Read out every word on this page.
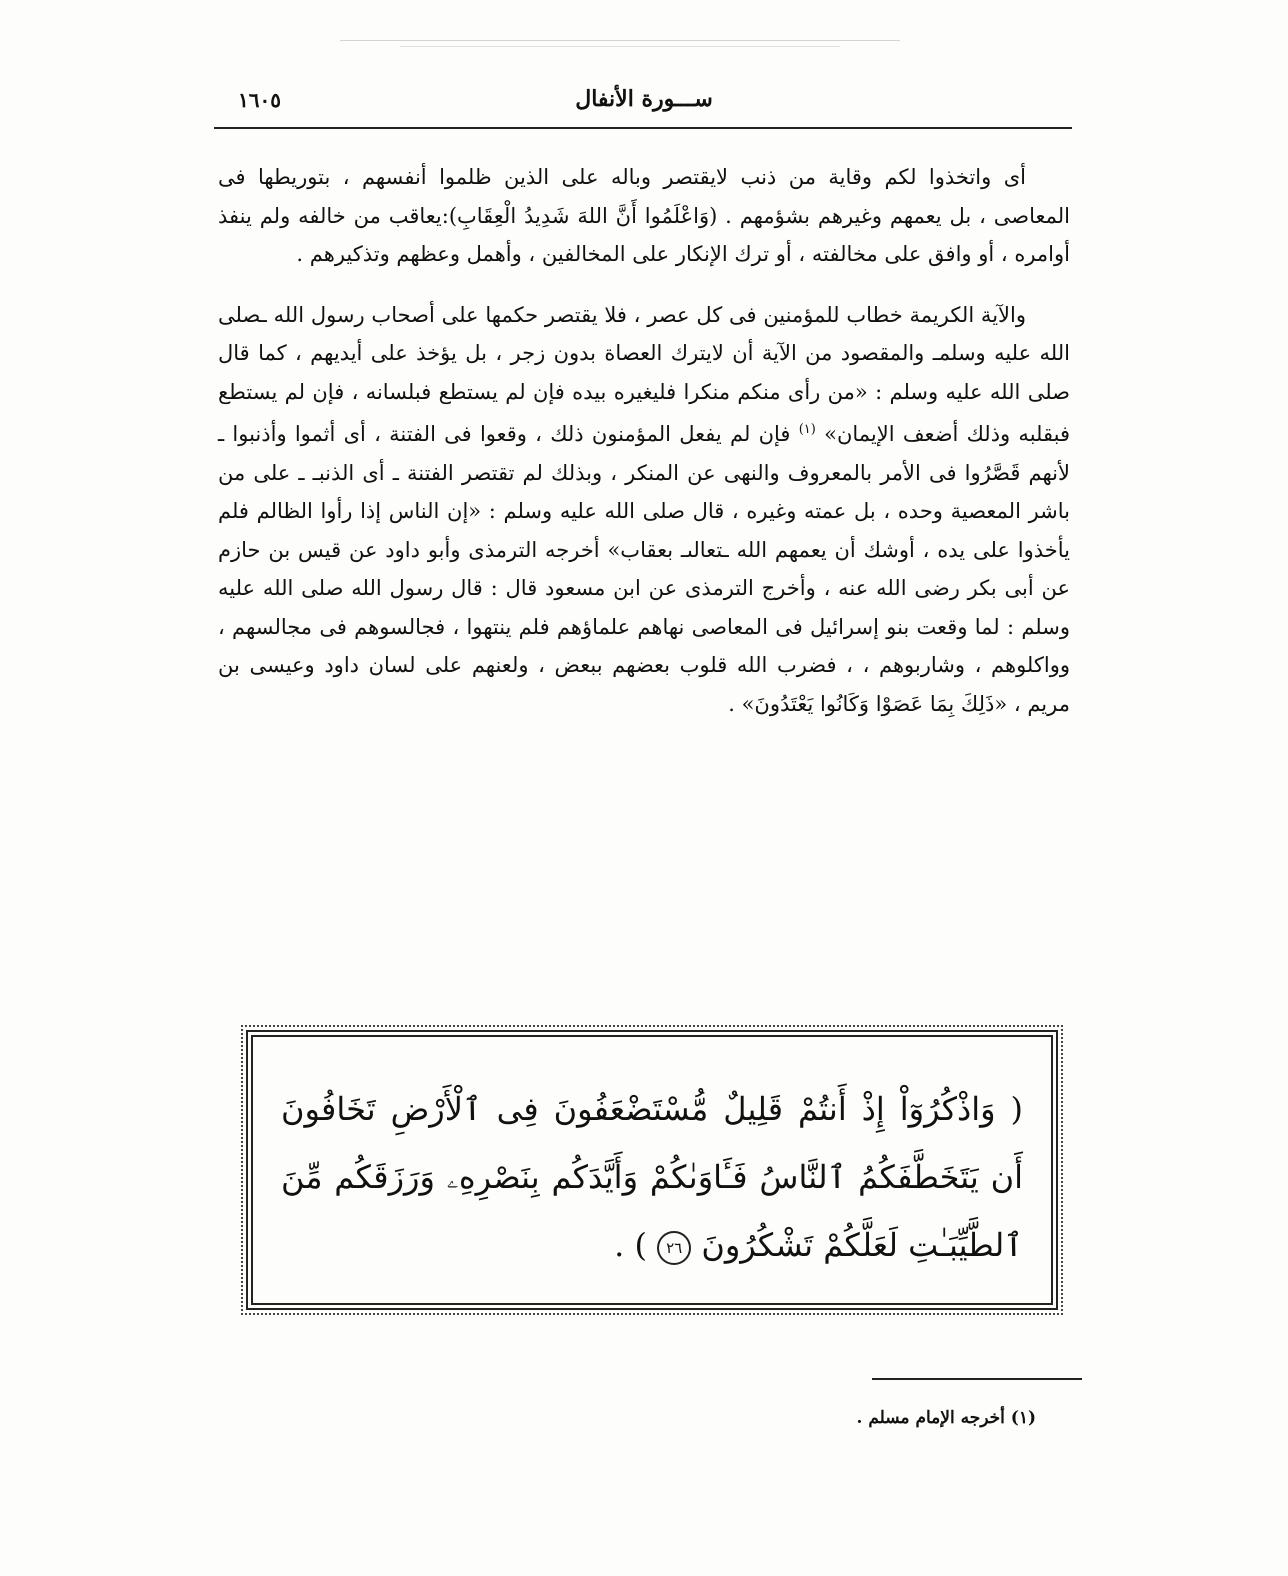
ســـورة الأنفال
١٦٠٥

أى واتخذوا لكم وقاية من ذنب لايقتصر وباله على الذين ظلموا أنفسهم ، بتوريطها فى المعاصى ، بل يعمهم وغيرهم بشؤمهم . (وَاعْلَمُوا أَنَّ اللهَ شَدِيدُ الْعِقَابِ):يعاقب من خالفه ولم ينفذ أوامره ، أو وافق على مخالفته ، أو ترك الإنكار على المخالفين ، وأهمل وعظهم وتذكيرهم .

والآية الكريمة خطاب للمؤمنين فى كل عصر ، فلا يقتصر حكمها على أصحاب رسول الله ـصلى الله عليه وسلمـ والمقصود من الآية أن لايترك العصاة بدون زجر ، بل يؤخذ على أيديهم ، كما قال صلى الله عليه وسلم : «من رأى منكم منكرا فليغيره بيده فإن لم يستطع فبلسانه ، فإن لم يستطع فبقلبه وذلك أضعف الإيمان» $^{(١)}$ فإن لم يفعل المؤمنون ذلك ، وقعوا فى الفتنة ، أى أثموا وأذنبوا ـ لأنهم قَصَّرُوا فى الأمر بالمعروف والنهى عن المنكر ، وبذلك لم تقتصر الفتنة ـ أى الذنبـ ـ على من باشر المعصية وحده ، بل عمته وغيره ، قال صلى الله عليه وسلم : «إن الناس إذا رأوا الظالم فلم يأخذوا على يده ، أوشك أن يعمهم الله ـتعالىـ بعقاب» أخرجه الترمذى وأبو داود عن قيس بن حازم عن أبى بكر رضى الله عنه ، وأخرج الترمذى عن ابن مسعود قال : قال رسول الله صلى الله عليه وسلم : لما وقعت بنو إسرائيل فى المعاصى نهاهم علماؤهم فلم ينتهوا ، فجالسوهم فى مجالسهم ، وواكلوهم ، وشاربوهم ، ، فضرب الله قلوب بعضهم ببعض ، ولعنهم على لسان داود وعيسى بن مريم ، «ذَلِكَ بِمَا عَصَوْا وَكَانُوا يَعْتَدُونَ» .

( وَاذْكُرُوٓاْ إِذْ أَنتُمْ قَلِيلٌ مُّسْتَضْعَفُونَ فِى ٱلْأَرْضِ تَخَافُونَ أَن يَتَخَطَّفَكُمُ ٱلنَّاسُ فَـَٔاوَىٰكُمْ وَأَيَّدَكُم بِنَصْرِهِۦ وَرَزَقَكُم مِّنَ ٱلطَّيِّبَـٰتِ لَعَلَّكُمْ تَشْكُرُونَ ٢٦ ) .
(١) أخرجه الإمام مسلم .
